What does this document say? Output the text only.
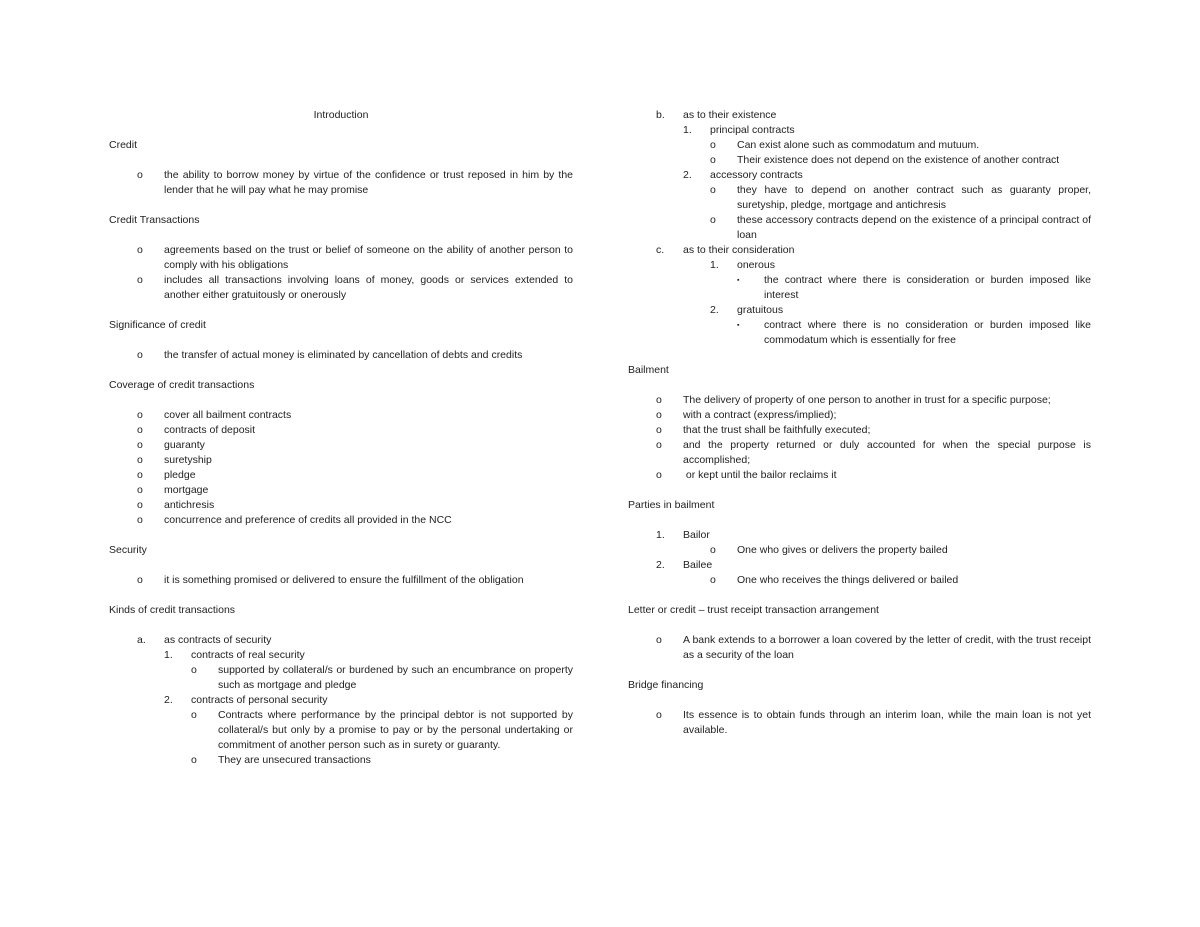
Introduction
Credit
o	the ability to borrow money by virtue of the confidence or trust reposed in him by the lender that he will pay what he may promise
Credit Transactions
o	agreements based on the trust or belief of someone on the ability of another person to comply with his obligations
o	includes all transactions involving loans of money, goods or services extended to another either gratuitously or onerously
Significance of credit
o	the transfer of actual money is eliminated by cancellation of debts and credits
Coverage of credit transactions
o	cover all bailment contracts
o	contracts of deposit
o	guaranty
o	suretyship
o	pledge
o	mortgage
o	antichresis
o	concurrence and preference of credits all provided in the NCC
Security
o	it is something promised or delivered to ensure the fulfillment of the obligation
Kinds of credit transactions
a.	as contracts of security
1.	contracts of real security
o	supported by collateral/s or burdened by such an encumbrance on property such as mortgage and pledge
2.	contracts of personal security
o	Contracts where performance by the principal debtor is not supported by collateral/s but only by a promise to pay or by the personal undertaking or commitment of another person such as in surety or guaranty.
o	They are unsecured transactions
b.	as to their existence
1.	principal contracts
o	Can exist alone such as commodatum and mutuum.
o	Their existence does not depend on the existence of another contract
2.	accessory contracts
o	they have to depend on another contract such as guaranty proper, suretyship, pledge, mortgage and antichresis
o	these accessory contracts depend on the existence of a principal contract of loan
c.	as to their consideration
1.	onerous
▪	the contract where there is consideration or burden imposed like interest
2.	gratuitous
▪	contract where there is no consideration or burden imposed like commodatum which is essentially for free
Bailment
o	The delivery of property of one person to another in trust for a specific purpose;
o	with a contract (express/implied);
o	that the trust shall be faithfully executed;
o	and the property returned or duly accounted for when the special purpose is accomplished;
o	or kept until the bailor reclaims it
Parties in bailment
1.	Bailor
o	One who gives or delivers the property bailed
2.	Bailee
o	One who receives the things delivered or bailed
Letter or credit – trust receipt transaction arrangement
o	A bank extends to a borrower a loan covered by the letter of credit, with the trust receipt as a security of the loan
Bridge financing
o	Its essence is to obtain funds through an interim loan, while the main loan is not yet available.
